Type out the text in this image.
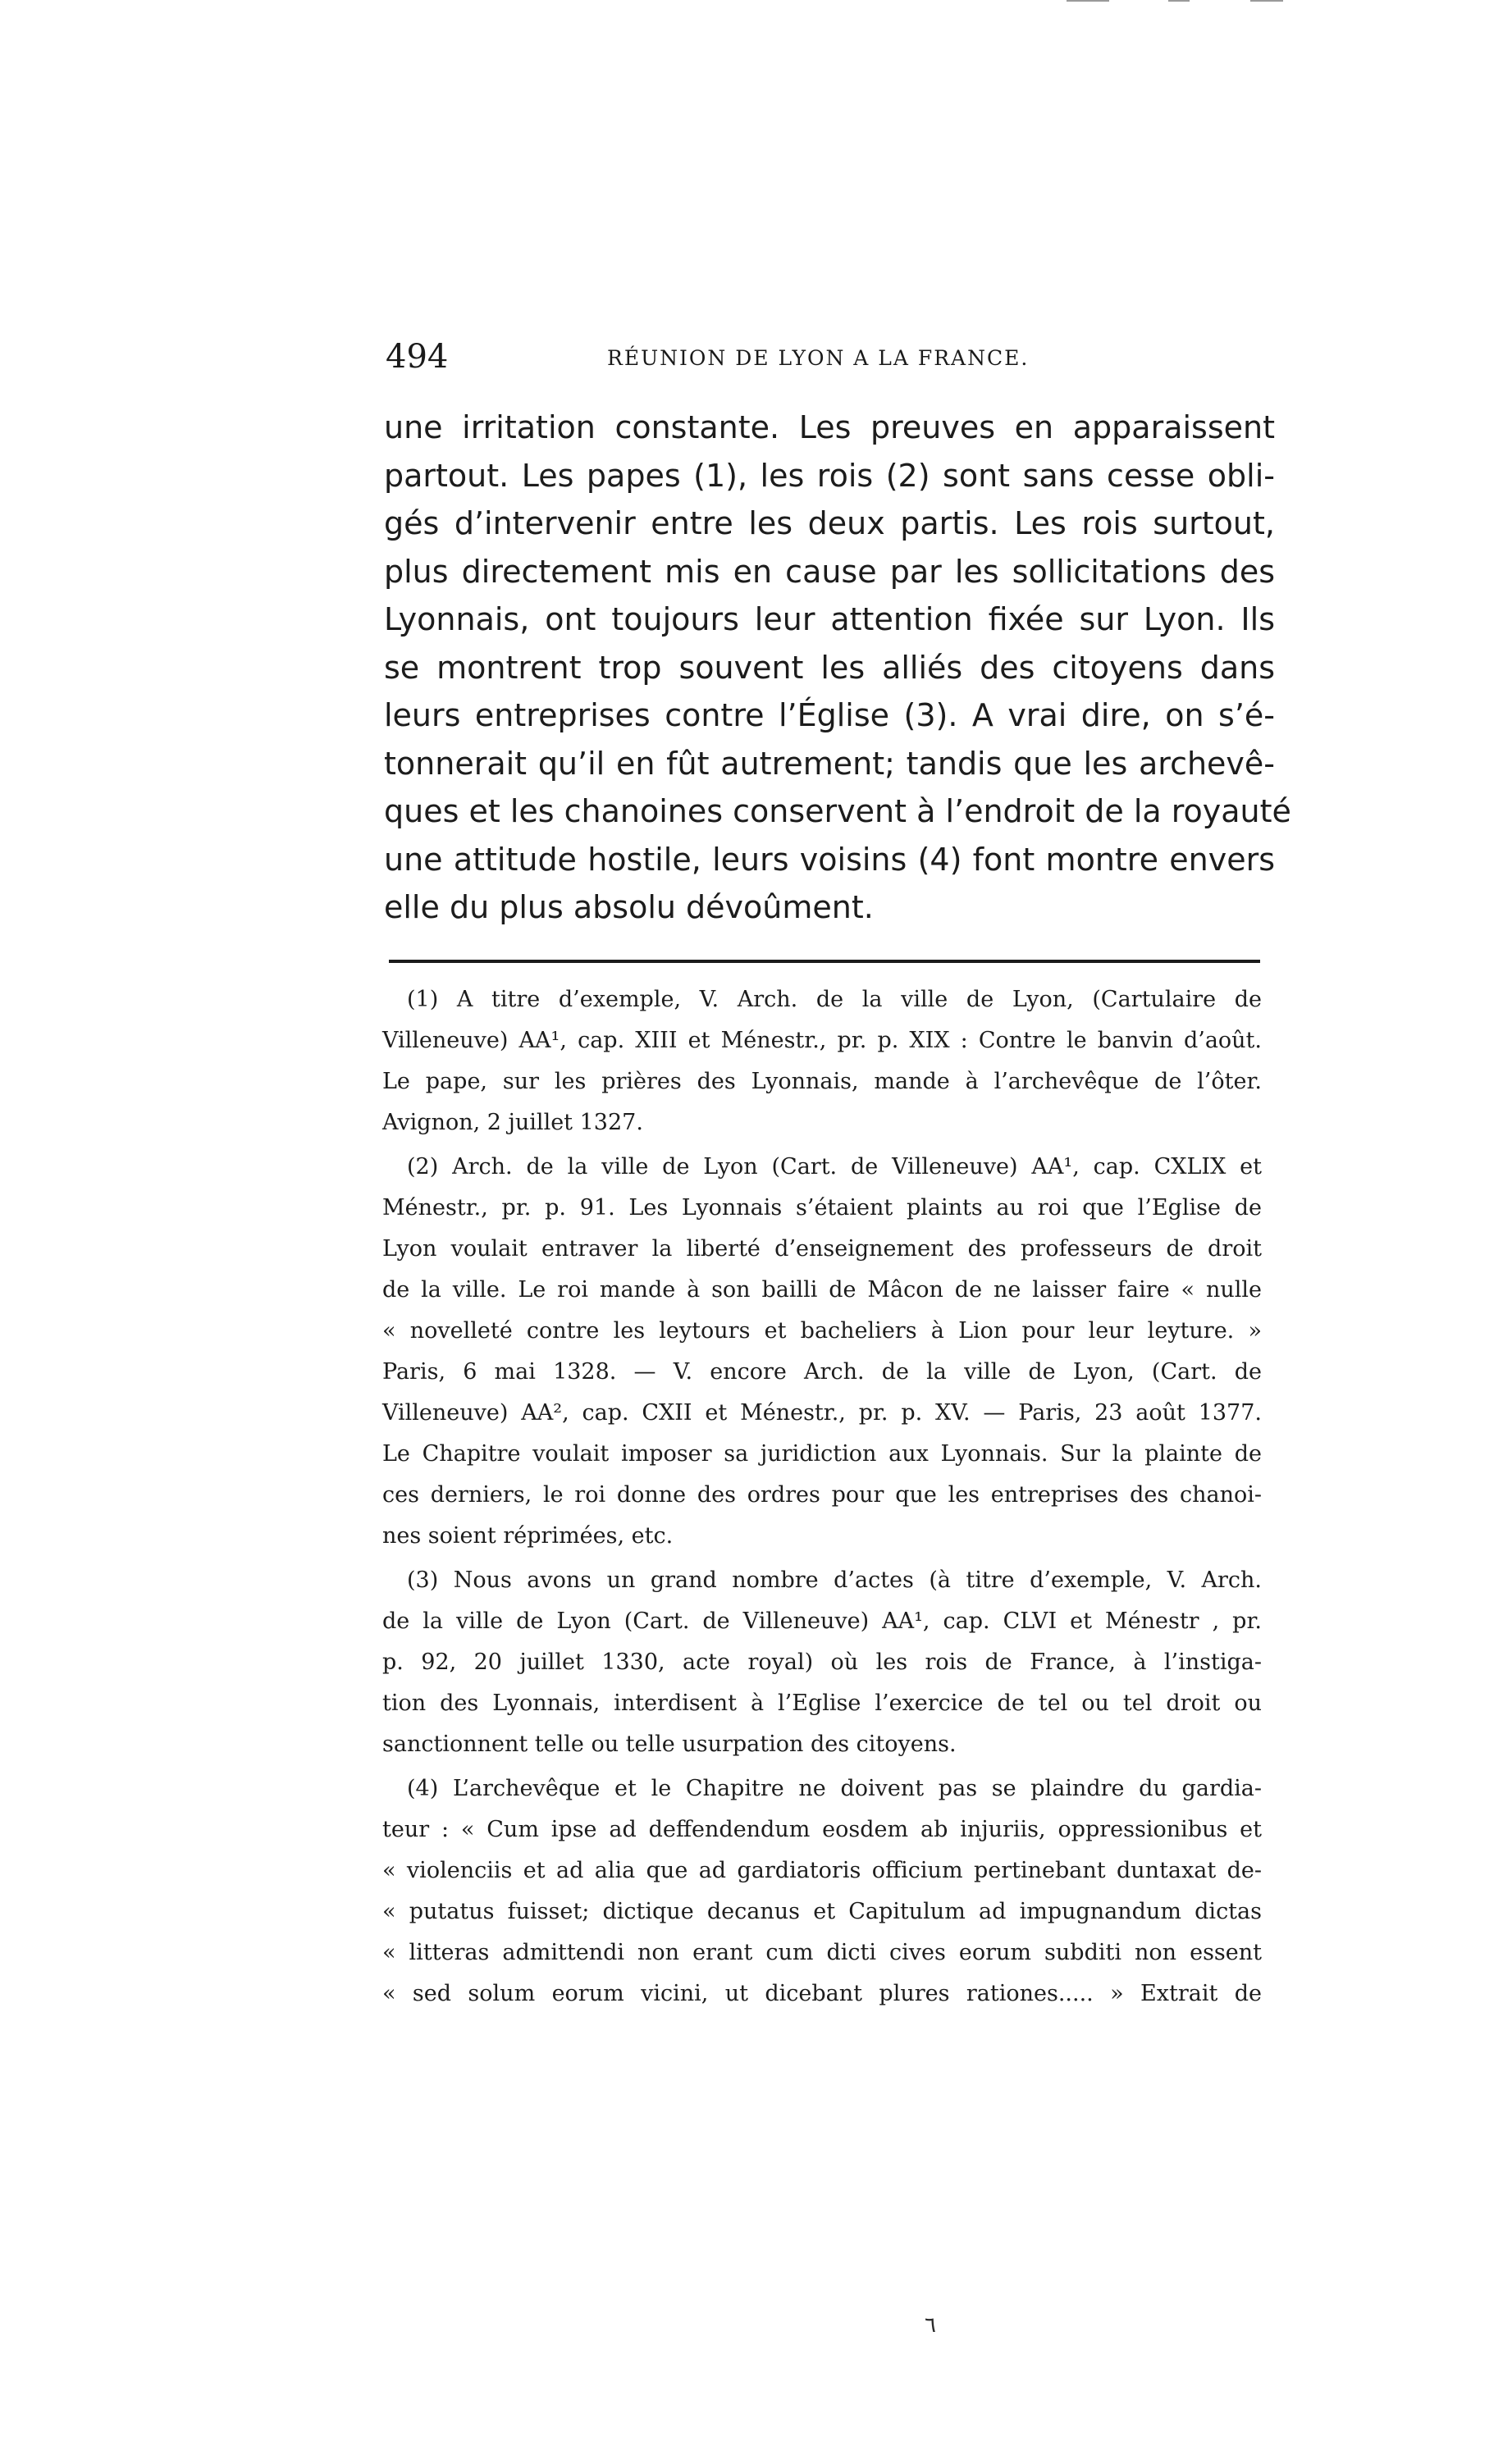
494	RÉUNION DE LYON A LA FRANCE.
une irritation constante. Les preuves en apparaissent
partout. Les papes (1), les rois (2) sont sans cesse obli-
gés d’intervenir entre les deux partis. Les rois surtout,
plus directement mis en cause par les sollicitations des
Lyonnais, ont toujours leur attention fixée sur Lyon. Ils
se montrent trop souvent les alliés des citoyens dans
leurs entreprises contre l’Église (3). A vrai dire, on s’é-
tonnerait qu’il en fût autrement; tandis que les archevê-
ques et les chanoines conservent à l’endroit de la royauté
une attitude hostile, leurs voisins (4) font montre envers
elle du plus absolu dévoûment.
(1) A titre d’exemple, V. Arch. de la ville de Lyon, (Cartulaire de
Villeneuve) AA¹, cap. XIII et Ménestr., pr. p. XIX : Contre le banvin d’août.
Le pape, sur les prières des Lyonnais, mande à l’archevêque de l’ôter.
Avignon, 2 juillet 1327.
(2) Arch. de la ville de Lyon (Cart. de Villeneuve) AA¹, cap. CXLIX et
Ménestr., pr. p. 91. Les Lyonnais s’étaient plaints au roi que l’Eglise de
Lyon voulait entraver la liberté d’enseignement des professeurs de droit
de la ville. Le roi mande à son bailli de Mâcon de ne laisser faire « nulle
« novelleté contre les leytours et bacheliers à Lion pour leur leyture. »
Paris, 6 mai 1328. — V. encore Arch. de la ville de Lyon, (Cart. de
Villeneuve) AA², cap. CXII et Ménestr., pr. p. XV. — Paris, 23 août 1377.
Le Chapitre voulait imposer sa juridiction aux Lyonnais. Sur la plainte de
ces derniers, le roi donne des ordres pour que les entreprises des chanoi-
nes soient réprimées, etc.
(3) Nous avons un grand nombre d’actes (à titre d’exemple, V. Arch.
de la ville de Lyon (Cart. de Villeneuve) AA¹, cap. CLVI et Ménestr , pr.
p. 92, 20 juillet 1330, acte royal) où les rois de France, à l’instiga-
tion des Lyonnais, interdisent à l’Eglise l’exercice de tel ou tel droit ou
sanctionnent telle ou telle usurpation des citoyens.
(4) L’archevêque et le Chapitre ne doivent pas se plaindre du gardia-
teur : « Cum ipse ad deffendendum eosdem ab injuriis, oppressionibus et
« violenciis et ad alia que ad gardiatoris officium pertinebant duntaxat de-
« putatus fuisset; dictique decanus et Capitulum ad impugnandum dictas
« litteras admittendi non erant cum dicti cives eorum subditi non essent
« sed solum eorum vicini, ut dicebant plures rationes..... » Extrait de
٦
